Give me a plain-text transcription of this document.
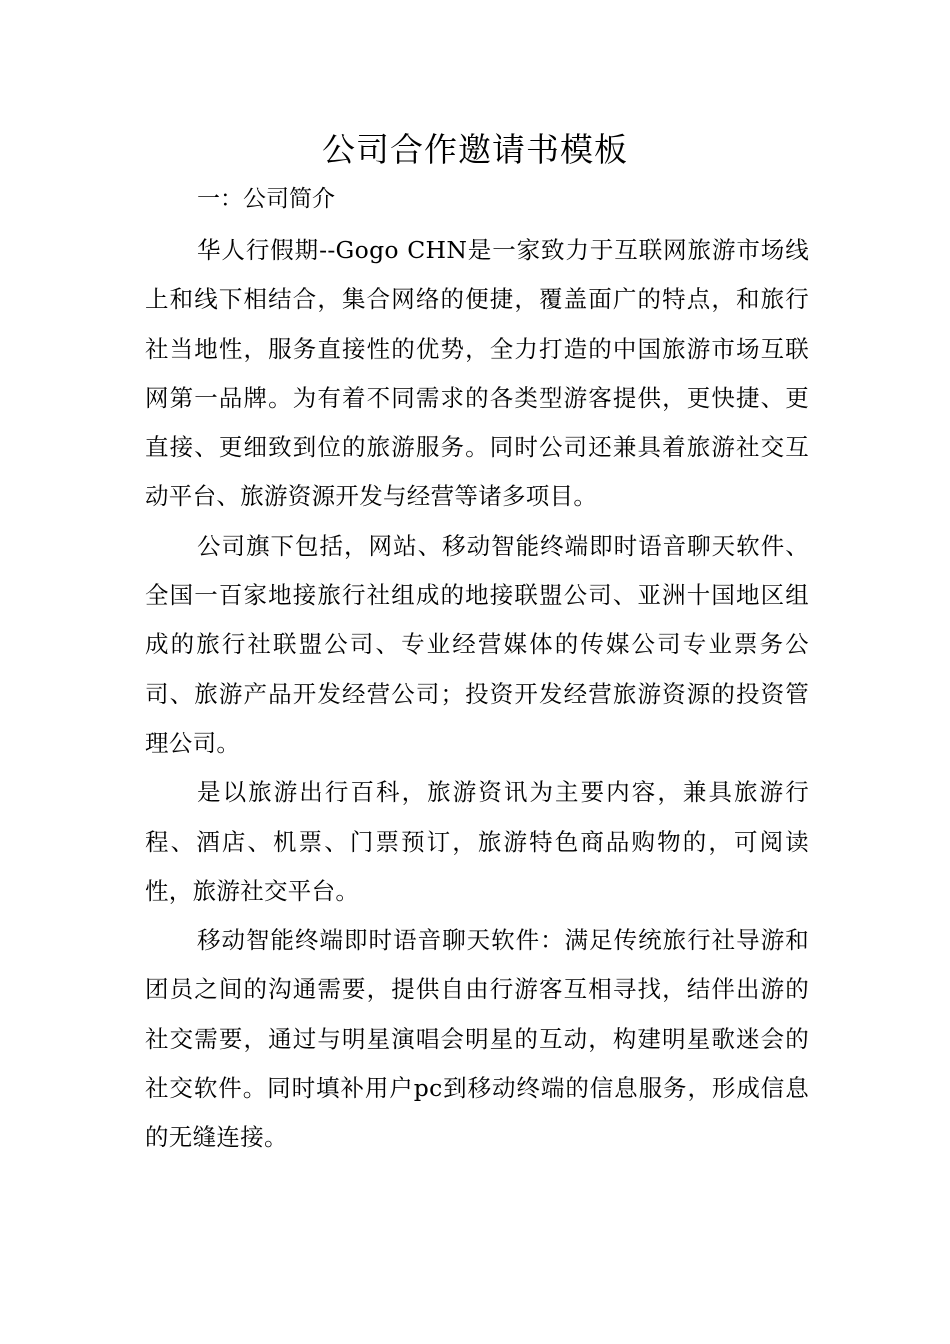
公司合作邀请书模板
一：公司简介

华人行假期--Gogo CHN是一家致力于互联网旅游市场线上和线下相结合，集合网络的便捷，覆盖面广的特点，和旅行社当地性，服务直接性的优势，全力打造的中国旅游市场互联网第一品牌。为有着不同需求的各类型游客提供，更快捷、更直接、更细致到位的旅游服务。同时公司还兼具着旅游社交互动平台、旅游资源开发与经营等诸多项目。

公司旗下包括，网站、移动智能终端即时语音聊天软件、全国一百家地接旅行社组成的地接联盟公司、亚洲十国地区组成的旅行社联盟公司、专业经营媒体的传媒公司专业票务公司、旅游产品开发经营公司；投资开发经营旅游资源的投资管理公司。

是以旅游出行百科，旅游资讯为主要内容，兼具旅游行程、酒店、机票、门票预订，旅游特色商品购物的，可阅读性，旅游社交平台。

移动智能终端即时语音聊天软件：满足传统旅行社导游和团员之间的沟通需要，提供自由行游客互相寻找，结伴出游的社交需要，通过与明星演唱会明星的互动，构建明星歌迷会的社交软件。同时填补用户pc到移动终端的信息服务，形成信息的无缝连接。
